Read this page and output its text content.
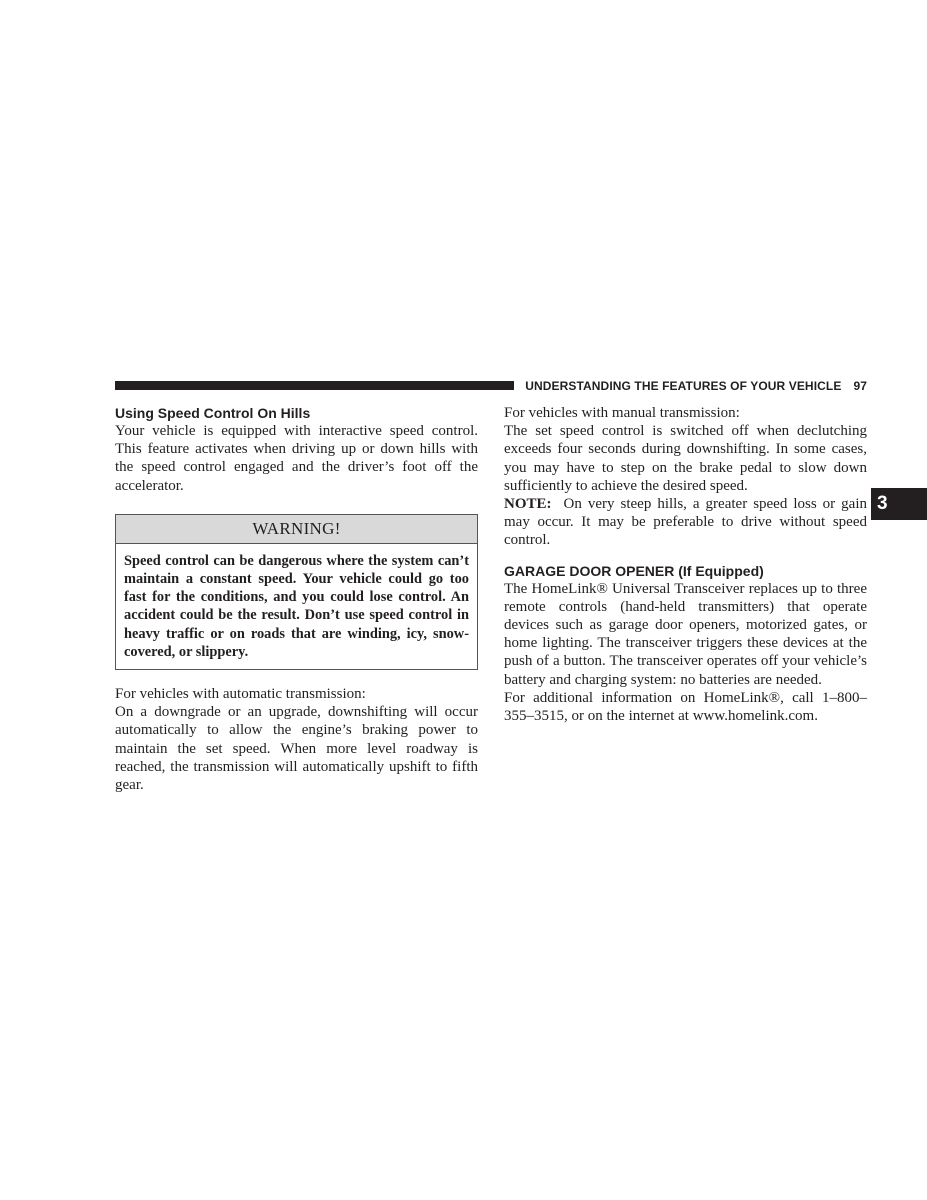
UNDERSTANDING THE FEATURES OF YOUR VEHICLE 97
3
Using Speed Control On Hills

Your vehicle is equipped with interactive speed control. This feature activates when driving up or down hills with the speed control engaged and the driver’s foot off the accelerator.

WARNING!
Speed control can be dangerous where the system can’t maintain a constant speed. Your vehicle could go too fast for the conditions, and you could lose control. An accident could be the result. Don’t use speed control in heavy traffic or on roads that are winding, icy, snow-covered, or slippery.

For vehicles with automatic transmission:

On a downgrade or an upgrade, downshifting will occur automatically to allow the engine’s braking power to maintain the set speed. When more level roadway is reached, the transmission will automatically upshift to fifth gear.

For vehicles with manual transmission:

The set speed control is switched off when declutching exceeds four seconds during downshifting. In some cases, you may have to step on the brake pedal to slow down sufficiently to achieve the desired speed.

NOTE: On very steep hills, a greater speed loss or gain may occur. It may be preferable to drive without speed control.

GARAGE DOOR OPENER (If Equipped)

The HomeLink® Universal Transceiver replaces up to three remote controls (hand-held transmitters) that operate devices such as garage door openers, motorized gates, or home lighting. The transceiver triggers these devices at the push of a button. The transceiver operates off your vehicle’s battery and charging system: no batteries are needed.

For additional information on HomeLink®, call 1–800–355–3515, or on the internet at www.homelink.com.
